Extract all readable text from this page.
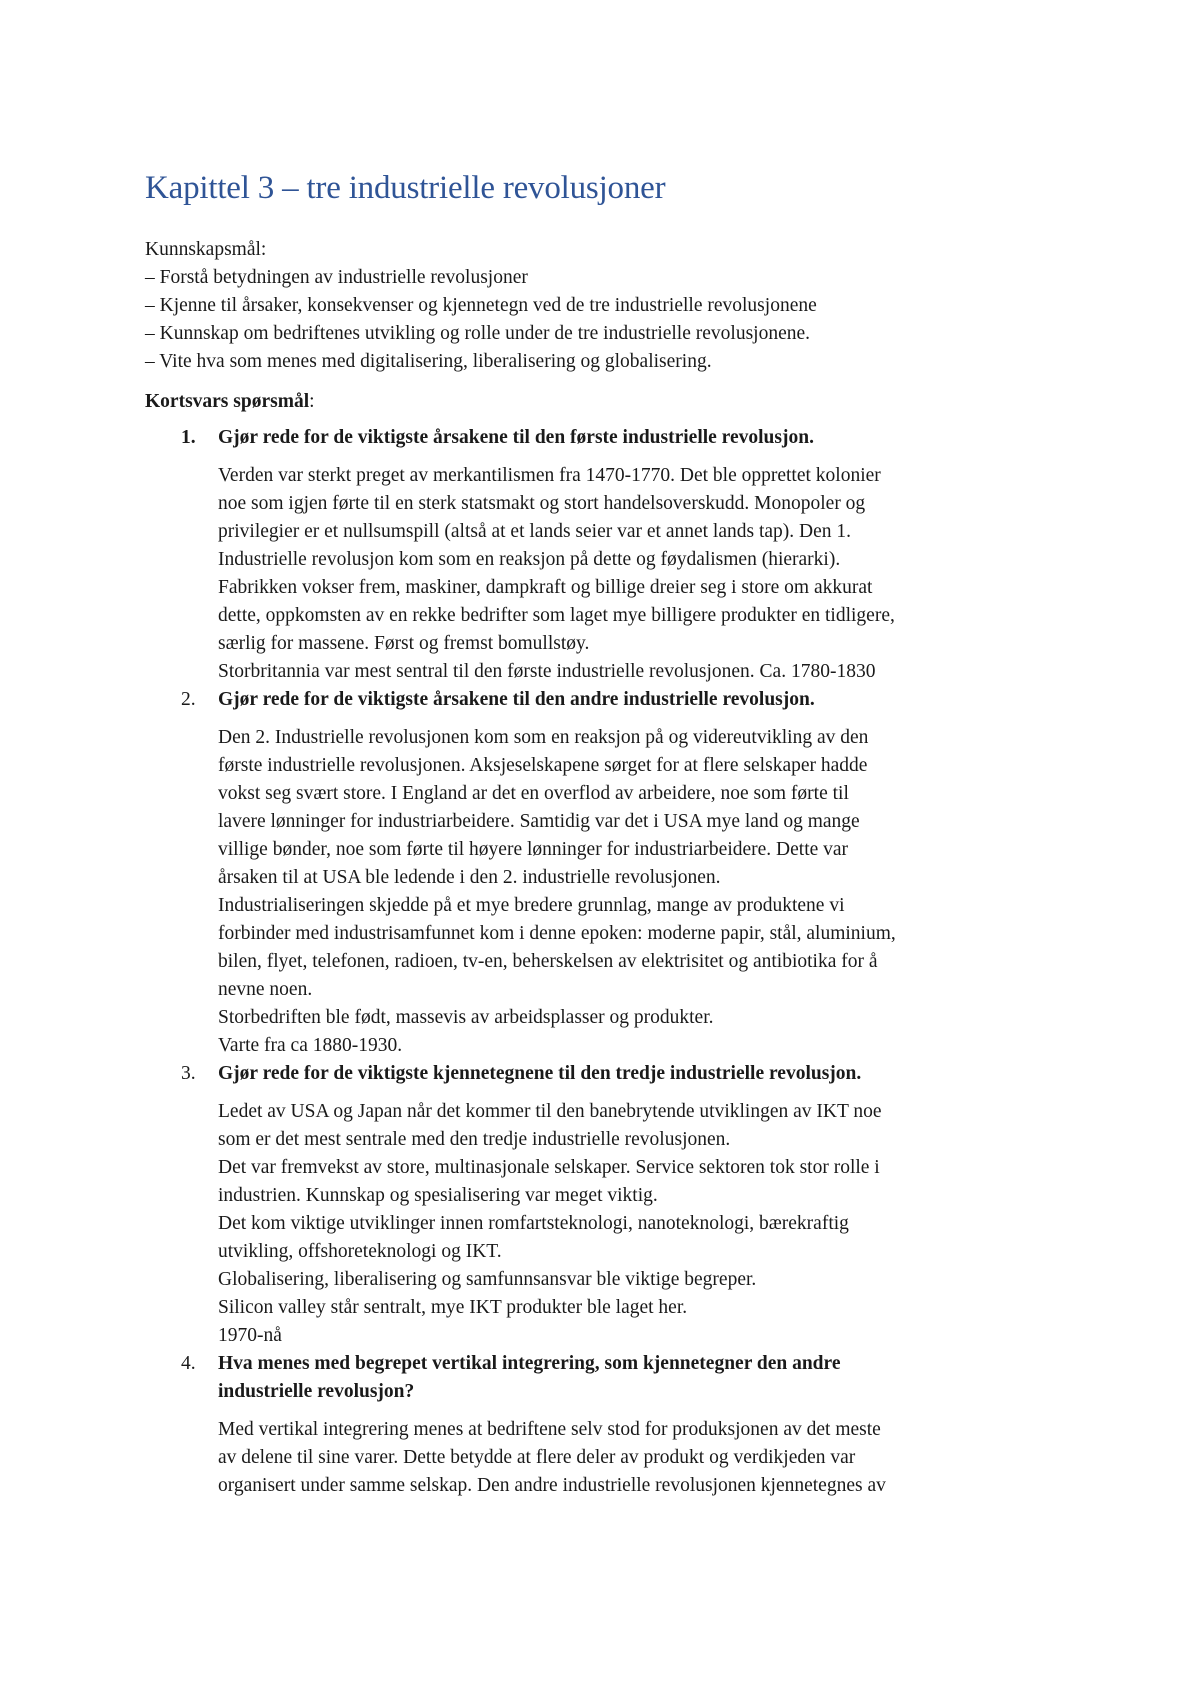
Kapittel 3 – tre industrielle revolusjoner

Kunnskapsmål:

– Forstå betydningen av industrielle revolusjoner

– Kjenne til årsaker, konsekvenser og kjennetegn ved de tre industrielle revolusjonene

– Kunnskap om bedriftenes utvikling og rolle under de tre industrielle revolusjonene.

– Vite hva som menes med digitalisering, liberalisering og globalisering.

Kortsvars spørsmål:

1. Gjør rede for de viktigste årsakene til den første industrielle revolusjon.

Verden var sterkt preget av merkantilismen fra 1470-1770. Det ble opprettet kolonier

noe som igjen førte til en sterk statsmakt og stort handelsoverskudd. Monopoler og

privilegier er et nullsumspill (altså at et lands seier var et annet lands tap). Den 1.

Industrielle revolusjon kom som en reaksjon på dette og føydalismen (hierarki).

Fabrikken vokser frem, maskiner, dampkraft og billige dreier seg i store om akkurat

dette, oppkomsten av en rekke bedrifter som laget mye billigere produkter en tidligere,

særlig for massene. Først og fremst bomullstøy.

Storbritannia var mest sentral til den første industrielle revolusjonen. Ca. 1780-1830

2. Gjør rede for de viktigste årsakene til den andre industrielle revolusjon.

Den 2. Industrielle revolusjonen kom som en reaksjon på og videreutvikling av den

første industrielle revolusjonen. Aksjeselskapene sørget for at flere selskaper hadde

vokst seg svært store. I England ar det en overflod av arbeidere, noe som førte til

lavere lønninger for industriarbeidere. Samtidig var det i USA mye land og mange

villige bønder, noe som førte til høyere lønninger for industriarbeidere. Dette var

årsaken til at USA ble ledende i den 2. industrielle revolusjonen.

Industrialiseringen skjedde på et mye bredere grunnlag, mange av produktene vi

forbinder med industrisamfunnet kom i denne epoken: moderne papir, stål, aluminium,

bilen, flyet, telefonen, radioen, tv-en, beherskelsen av elektrisitet og antibiotika for å

nevne noen.

Storbedriften ble født, massevis av arbeidsplasser og produkter.

Varte fra ca 1880-1930.

3. Gjør rede for de viktigste kjennetegnene til den tredje industrielle revolusjon.

Ledet av USA og Japan når det kommer til den banebrytende utviklingen av IKT noe

som er det mest sentrale med den tredje industrielle revolusjonen.

Det var fremvekst av store, multinasjonale selskaper. Service sektoren tok stor rolle i

industrien. Kunnskap og spesialisering var meget viktig.

Det kom viktige utviklinger innen romfartsteknologi, nanoteknologi, bærekraftig

utvikling, offshoreteknologi og IKT.

Globalisering, liberalisering og samfunnsansvar ble viktige begreper.

Silicon valley står sentralt, mye IKT produkter ble laget her.

1970-nå

4. Hva menes med begrepet vertikal integrering, som kjennetegner den andre
industrielle revolusjon?

Med vertikal integrering menes at bedriftene selv stod for produksjonen av det meste

av delene til sine varer. Dette betydde at flere deler av produkt og verdikjeden var

organisert under samme selskap. Den andre industrielle revolusjonen kjennetegnes av
